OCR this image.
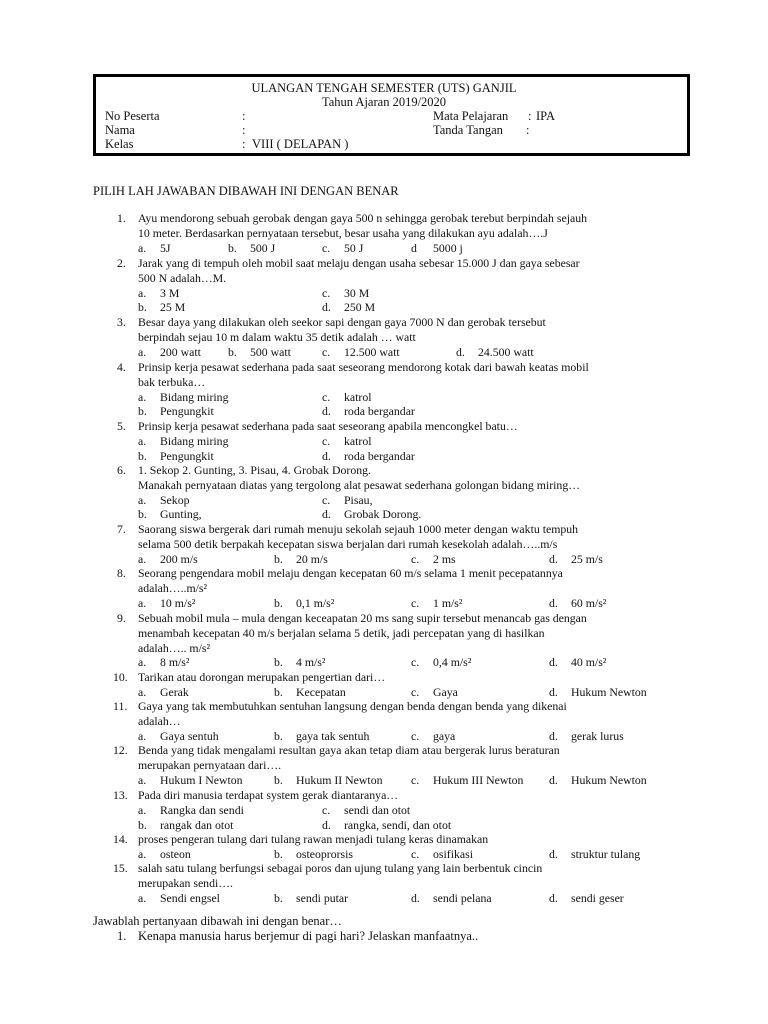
ULANGAN TENGAH SEMESTER (UTS) GANJIL
Tahun Ajaran 2019/2020
No Peserta	:
Nama	:
Kelas	: VIII ( DELAPAN )
Mata Pelajaran : IPA
Tanda Tangan :
PILIH LAH JAWABAN DIBAWAH INI DENGAN BENAR
1. Ayu mendorong sebuah gerobak dengan gaya 500 n sehingga gerobak terebut berpindah sejauh
10 meter. Berdasarkan pernyataan tersebut, besar usaha yang dilakukan ayu adalah….J
a. 5J	b. 500 J	c. 50 J	d 5000 j
2. Jarak yang di tempuh oleh mobil saat melaju dengan usaha sebesar 15.000 J dan gaya sebesar
500 N adalah…M.
a. 3 M	c. 30 M
b. 25 M	d. 250 M
3. Besar daya yang dilakukan oleh seekor sapi dengan gaya 7000 N dan gerobak tersebut
berpindah sejau 10 m dalam waktu 35 detik adalah … watt
a. 200 watt b. 500 watt	c. 12.500 watt	d. 24.500 watt
4. Prinsip kerja pesawat sederhana pada saat seseorang mendorong kotak dari bawah keatas mobil
bak terbuka…
a. Bidang miring	c. katrol
b. Pengungkit	d. roda bergandar
5. Prinsip kerja pesawat sederhana pada saat seseorang apabila mencongkel batu…
a. Bidang miring	c. katrol
b. Pengungkit	d. roda bergandar
6. 1. Sekop 2. Gunting, 3. Pisau, 4. Grobak Dorong.
Manakah pernyataan diatas yang tergolong alat pesawat sederhana golongan bidang miring…
a. Sekop	c. Pisau,
b. Gunting,	d. Grobak Dorong.
7. Saorang siswa bergerak dari rumah menuju sekolah sejauh 1000 meter dengan waktu tempuh
selama 500 detik berpakah kecepatan siswa berjalan dari rumah kesekolah adalah…..m/s
a. 200 m/s	b. 20 m/s	c. 2 ms	d. 25 m/s
8. Seorang pengendara mobil melaju dengan kecepatan 60 m/s selama 1 menit pecepatannya
adalah…..m/s²
a. 10 m/s²	b. 0,1 m/s²	c. 1 m/s²	d. 60 m/s²
9. Sebuah mobil mula – mula dengan keceapatan 20 ms sang supir tersebut menancab gas dengan
menambah kecepatan 40 m/s berjalan selama 5 detik, jadi percepatan yang di hasilkan
adalah….. m/s²
a. 8 m/s²	b. 4 m/s²	c. 0,4 m/s²	d. 40 m/s²
10. Tarikan atau dorongan merupakan pengertian dari…
a. Gerak	b. Kecepatan	c. Gaya	d. Hukum Newton
11. Gaya yang tak membutuhkan sentuhan langsung dengan benda dengan benda yang dikenai
adalah…
a. Gaya sentuh	b. gaya tak sentuh	c. gaya	d. gerak lurus
12. Benda yang tidak mengalami resultan gaya akan tetap diam atau bergerak lurus beraturan
merupakan pernyataan dari….
a. Hukum I Newton	b. Hukum II Newton c. Hukum III Newton d. Hukum Newton
13. Pada diri manusia terdapat system gerak diantaranya…
a. Rangka dan sendi	c. sendi dan otot
b. rangak dan otot	d. rangka, sendi, dan otot
14. proses pengeran tulang dari tulang rawan menjadi tulang keras dinamakan
a. osteon	b. osteoprorsis	c. osifikasi	d. struktur tulang
15. salah satu tulang berfungsi sebagai poros dan ujung tulang yang lain berbentuk cincin
merupakan sendi….
a. Sendi engsel	b. sendi putar	d. sendi pelana	d. sendi geser
Jawablah pertanyaan dibawah ini dengan benar…
1. Kenapa manusia harus berjemur di pagi hari? Jelaskan manfaatnya..
